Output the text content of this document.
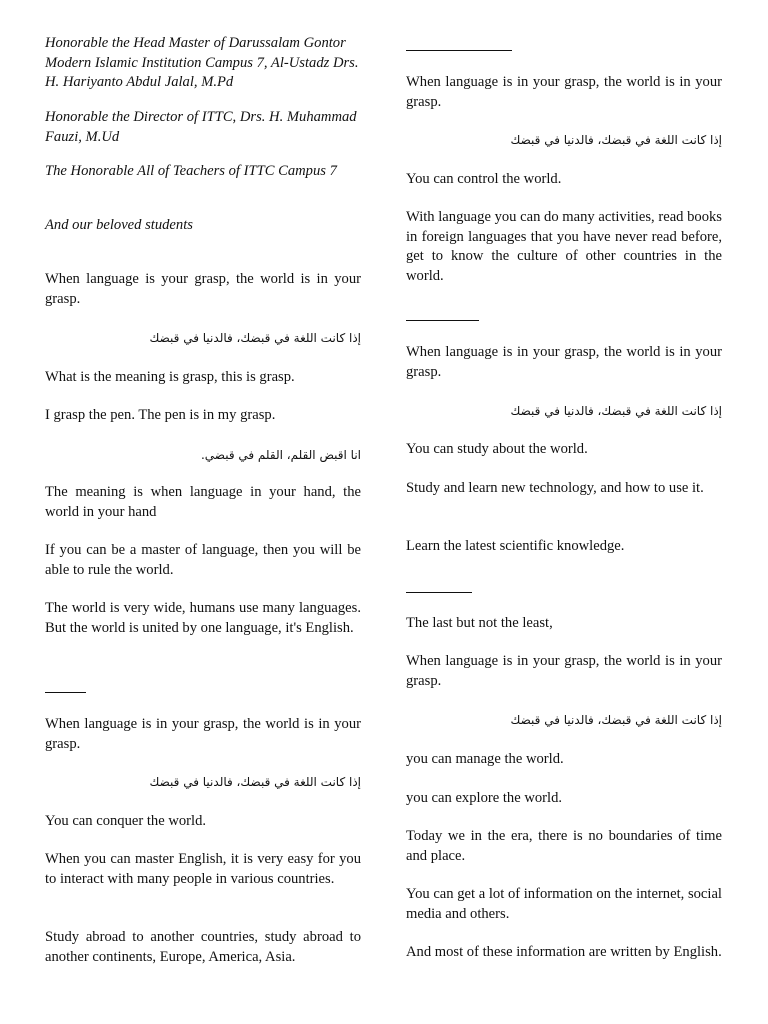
Honorable the Head Master of Darussalam Gontor Modern Islamic Institution Campus 7, Al-Ustadz Drs. H. Hariyanto Abdul Jalal, M.Pd

Honorable the Director of ITTC, Drs. H. Muhammad Fauzi, M.Ud

The Honorable All of Teachers of ITTC Campus 7

And our beloved students

When language is your grasp, the world is in your grasp.

إذا كانت اللغة في قبضك، فالدنيا في قبضك

What is the meaning is grasp, this is grasp.

I grasp the pen. The pen is in my grasp.

انا اقبض القلم، القلم في قبضي.

The meaning is when language in your hand, the world in your hand

If you can be a master of language, then you will be able to rule the world.

The world is very wide, humans use many languages. But the world is united by one language, it's English.

When language is in your grasp, the world is in your grasp.

إذا كانت اللغة في قبضك، فالدنيا في قبضك

You can conquer the world.

When you can master English, it is very easy for you to interact with many people in various countries.

Study abroad to another countries, study abroad to another continents, Europe, America, Asia.

When language is in your grasp, the world is in your grasp.

إذا كانت اللغة في قبضك، فالدنيا في قبضك

You can control the world.

With language you can do many activities, read books in foreign languages that you have never read before, get to know the culture of other countries in the world.

When language is in your grasp, the world is in your grasp.

إذا كانت اللغة في قبضك، فالدنيا في قبضك

You can study about the world.

Study and learn new technology, and how to use it.

Learn the latest scientific knowledge.

The last but not the least,

When language is in your grasp, the world is in your grasp.

إذا كانت اللغة في قبضك، فالدنيا في قبضك

you can manage the world.

you can explore the world.

Today we in the era, there is no boundaries of time and place.

You can get a lot of information on the internet, social media and others.

And most of these information are written by English.
